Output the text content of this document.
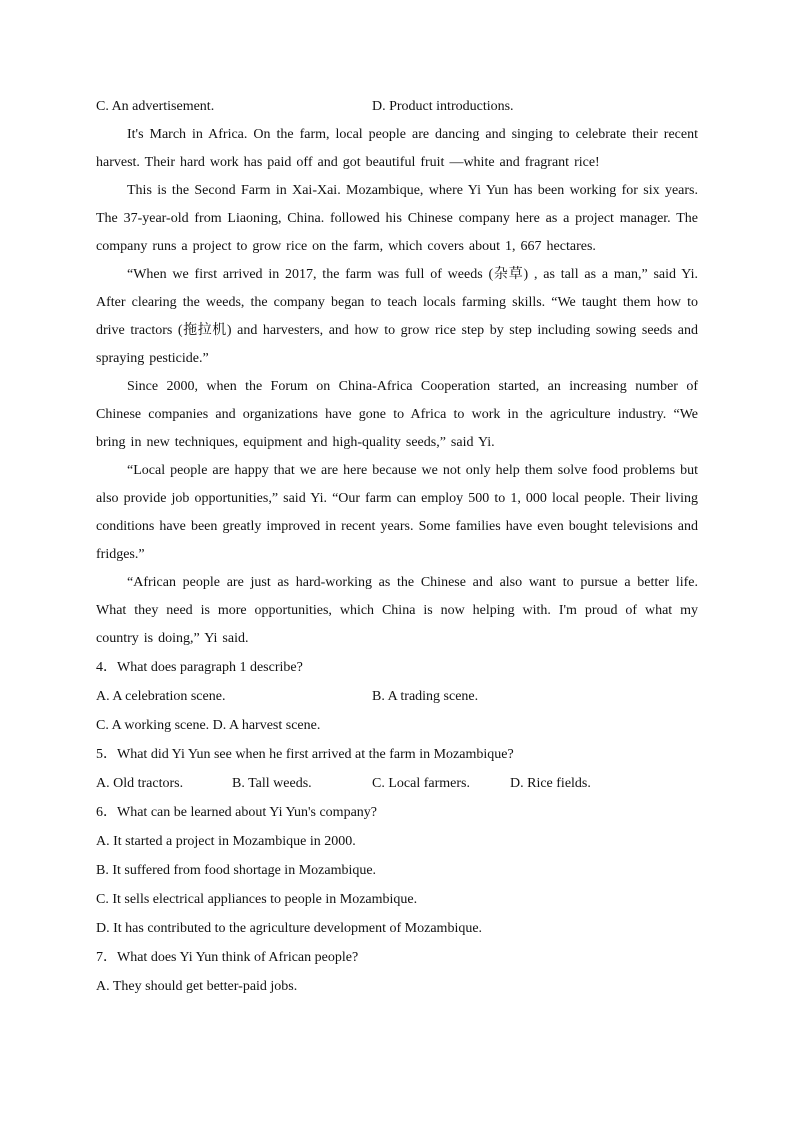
C. An advertisement.	D. Product introductions.

It's March in Africa. On the farm, local people are dancing and singing to celebrate their recent harvest. Their hard work has paid off and got beautiful fruit —white and fragrant rice!

This is the Second Farm in Xai-Xai. Mozambique, where Yi Yun has been working for six years. The 37-year-old from Liaoning, China. followed his Chinese company here as a project manager. The company runs a project to grow rice on the farm, which covers about 1, 667 hectares.

“When we first arrived in 2017, the farm was full of weeds (杂草) , as tall as a man,” said Yi. After clearing the weeds, the company began to teach locals farming skills. “We taught them how to drive tractors (拖拉机) and harvesters, and how to grow rice step by step including sowing seeds and spraying pesticide.”

Since 2000, when the Forum on China-Africa Cooperation started, an increasing number of Chinese companies and organizations have gone to Africa to work in the agriculture industry. “We bring in new techniques, equipment and high-quality seeds,” said Yi.

“Local people are happy that we are here because we not only help them solve food problems but also provide job opportunities,” said Yi. “Our farm can employ 500 to 1, 000 local people. Their living conditions have been greatly improved in recent years. Some families have even bought televisions and fridges.”

“African people are just as hard-working as the Chinese and also want to pursue a better life. What they need is more opportunities, which China is now helping with. I'm proud of what my country is doing,” Yi said.

4．What does paragraph 1 describe?
A. A celebration scene.	B. A trading scene.
C. A working scene. D. A harvest scene.
5．What did Yi Yun see when he first arrived at the farm in Mozambique?
A. Old tractors.	B. Tall weeds.	C. Local farmers.	D. Rice fields.
6．What can be learned about Yi Yun's company?
A. It started a project in Mozambique in 2000.
B. It suffered from food shortage in Mozambique.
C. It sells electrical appliances to people in Mozambique.
D. It has contributed to the agriculture development of Mozambique.
7．What does Yi Yun think of African people?
A. They should get better-paid jobs.
